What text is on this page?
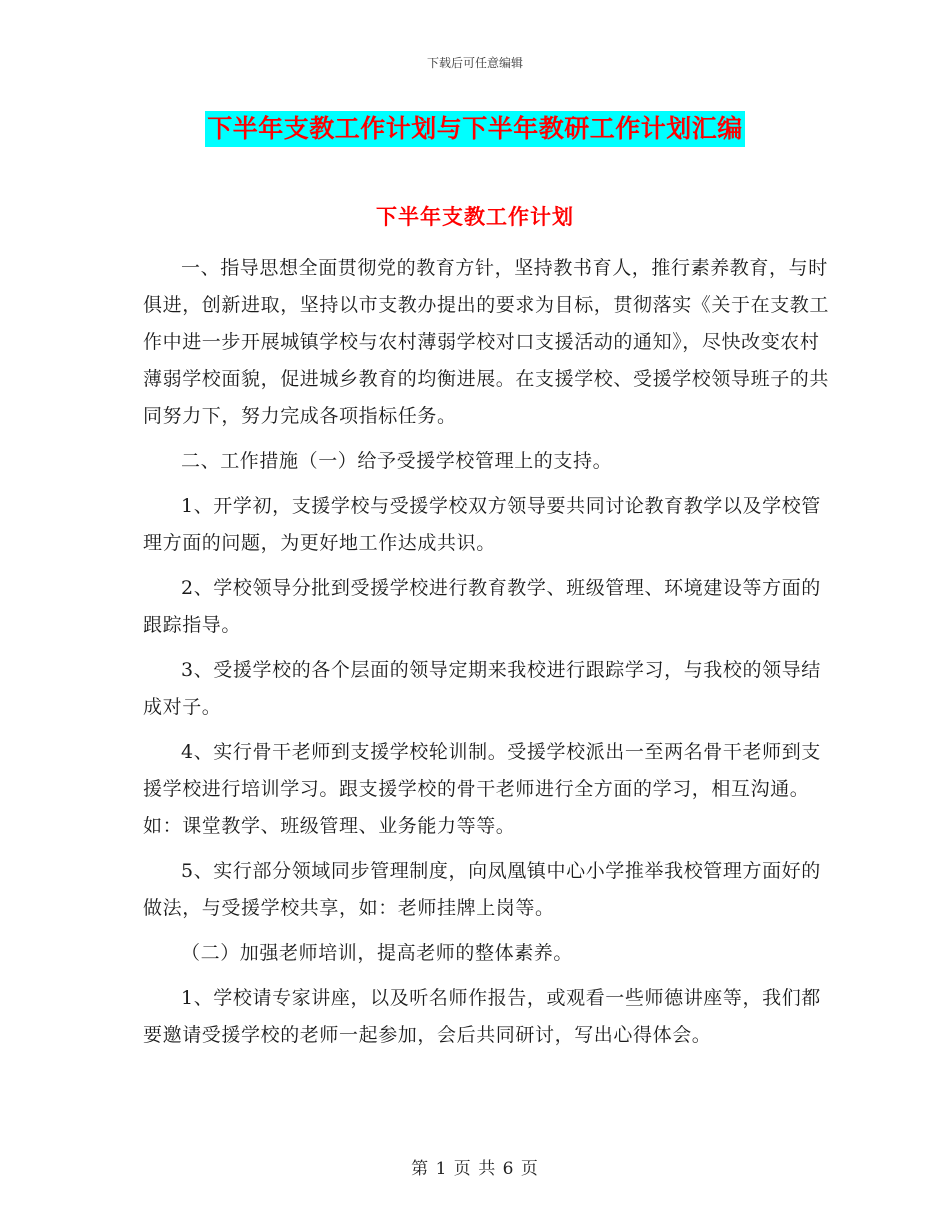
下载后可任意编辑
下半年支教工作计划与下半年教研工作计划汇编
下半年支教工作计划

一、指导思想全面贯彻党的教育方针，坚持教书育人，推行素养教育，与时俱进，创新进取，坚持以市支教办提出的要求为目标，贯彻落实《关于在支教工作中进一步开展城镇学校与农村薄弱学校对口支援活动的通知》，尽快改变农村薄弱学校面貌，促进城乡教育的均衡进展。在支援学校、受援学校领导班子的共同努力下，努力完成各项指标任务。

二、工作措施（一）给予受援学校管理上的支持。

1、开学初，支援学校与受援学校双方领导要共同讨论教育教学以及学校管理方面的问题，为更好地工作达成共识。

2、学校领导分批到受援学校进行教育教学、班级管理、环境建设等方面的跟踪指导。

3、受援学校的各个层面的领导定期来我校进行跟踪学习，与我校的领导结成对子。

4、实行骨干老师到支援学校轮训制。受援学校派出一至两名骨干老师到支援学校进行培训学习。跟支援学校的骨干老师进行全方面的学习，相互沟通。如：课堂教学、班级管理、业务能力等等。

5、实行部分领域同步管理制度，向凤凰镇中心小学推举我校管理方面好的做法，与受援学校共享，如：老师挂牌上岗等。

（二）加强老师培训，提高老师的整体素养。

1、学校请专家讲座，以及听名师作报告，或观看一些师德讲座等，我们都要邀请受援学校的老师一起参加，会后共同研讨，写出心得体会。

第 1 页 共 6 页
